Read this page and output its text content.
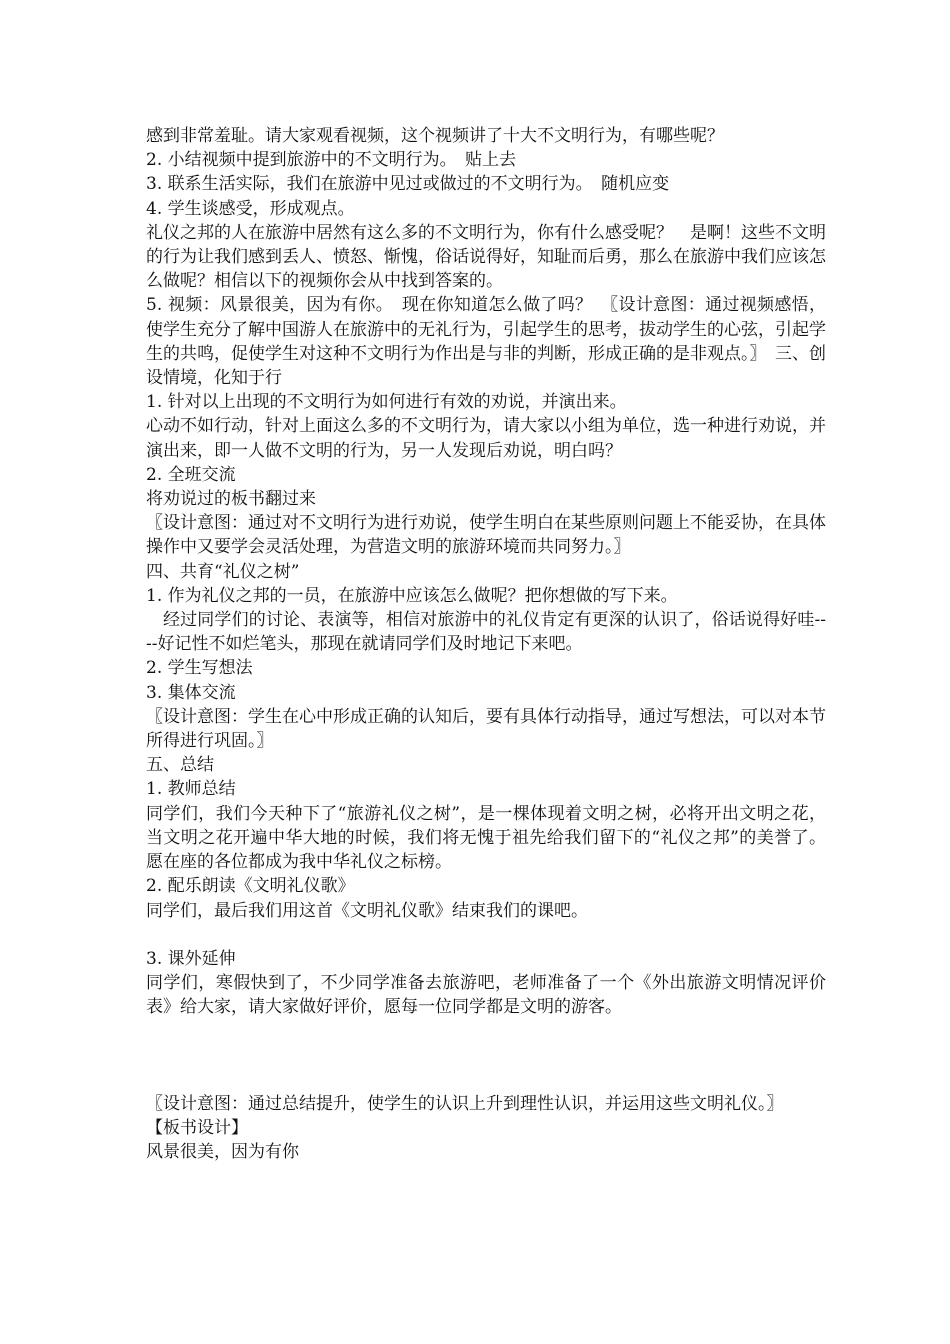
感到非常羞耻。请大家观看视频，这个视频讲了十大不文明行为，有哪些呢？

2. 小结视频中提到旅游中的不文明行为。　贴上去

3. 联系生活实际，我们在旅游中见过或做过的不文明行为。　随机应变

4. 学生谈感受，形成观点。

礼仪之邦的人在旅游中居然有这么多的不文明行为，你有什么感受呢？　是啊！这些不文明的行为让我们感到丢人、愤怒、惭愧，俗话说得好，知耻而后勇，那么在旅游中我们应该怎么做呢？相信以下的视频你会从中找到答案的。

5. 视频：风景很美，因为有你。　现在你知道怎么做了吗？　〖设计意图：通过视频感悟，使学生充分了解中国游人在旅游中的无礼行为，引起学生的思考，拔动学生的心弦，引起学生的共鸣，促使学生对这种不文明行为作出是与非的判断，形成正确的是非观点。〗　三、创设情境，化知于行

1. 针对以上出现的不文明行为如何进行有效的劝说，并演出来。

心动不如行动，针对上面这么多的不文明行为，请大家以小组为单位，选一种进行劝说，并演出来，即一人做不文明的行为，另一人发现后劝说，明白吗？

2. 全班交流

将劝说过的板书翻过来

〖设计意图：通过对不文明行为进行劝说，使学生明白在某些原则问题上不能妥协，在具体操作中又要学会灵活处理，为营造文明的旅游环境而共同努力。〗

四、共育“礼仪之树”

1. 作为礼仪之邦的一员，在旅游中应该怎么做呢？把你想做的写下来。

经过同学们的讨论、表演等，相信对旅游中的礼仪肯定有更深的认识了，俗话说得好哇----好记性不如烂笔头，那现在就请同学们及时地记下来吧。

2. 学生写想法

3. 集体交流

〖设计意图：学生在心中形成正确的认知后，要有具体行动指导，通过写想法，可以对本节所得进行巩固。〗

五、总结

1. 教师总结

同学们，我们今天种下了“旅游礼仪之树”，是一棵体现着文明之树，必将开出文明之花，当文明之花开遍中华大地的时候，我们将无愧于祖先给我们留下的“礼仪之邦”的美誉了。愿在座的各位都成为我中华礼仪之标榜。

2. 配乐朗读《文明礼仪歌》

同学们，最后我们用这首《文明礼仪歌》结束我们的课吧。

3. 课外延伸

同学们，寒假快到了，不少同学准备去旅游吧，老师准备了一个《外出旅游文明情况评价表》给大家，请大家做好评价，愿每一位同学都是文明的游客。

〖设计意图：通过总结提升，使学生的认识上升到理性认识，并运用这些文明礼仪。〗

【板书设计】

风景很美，因为有你
